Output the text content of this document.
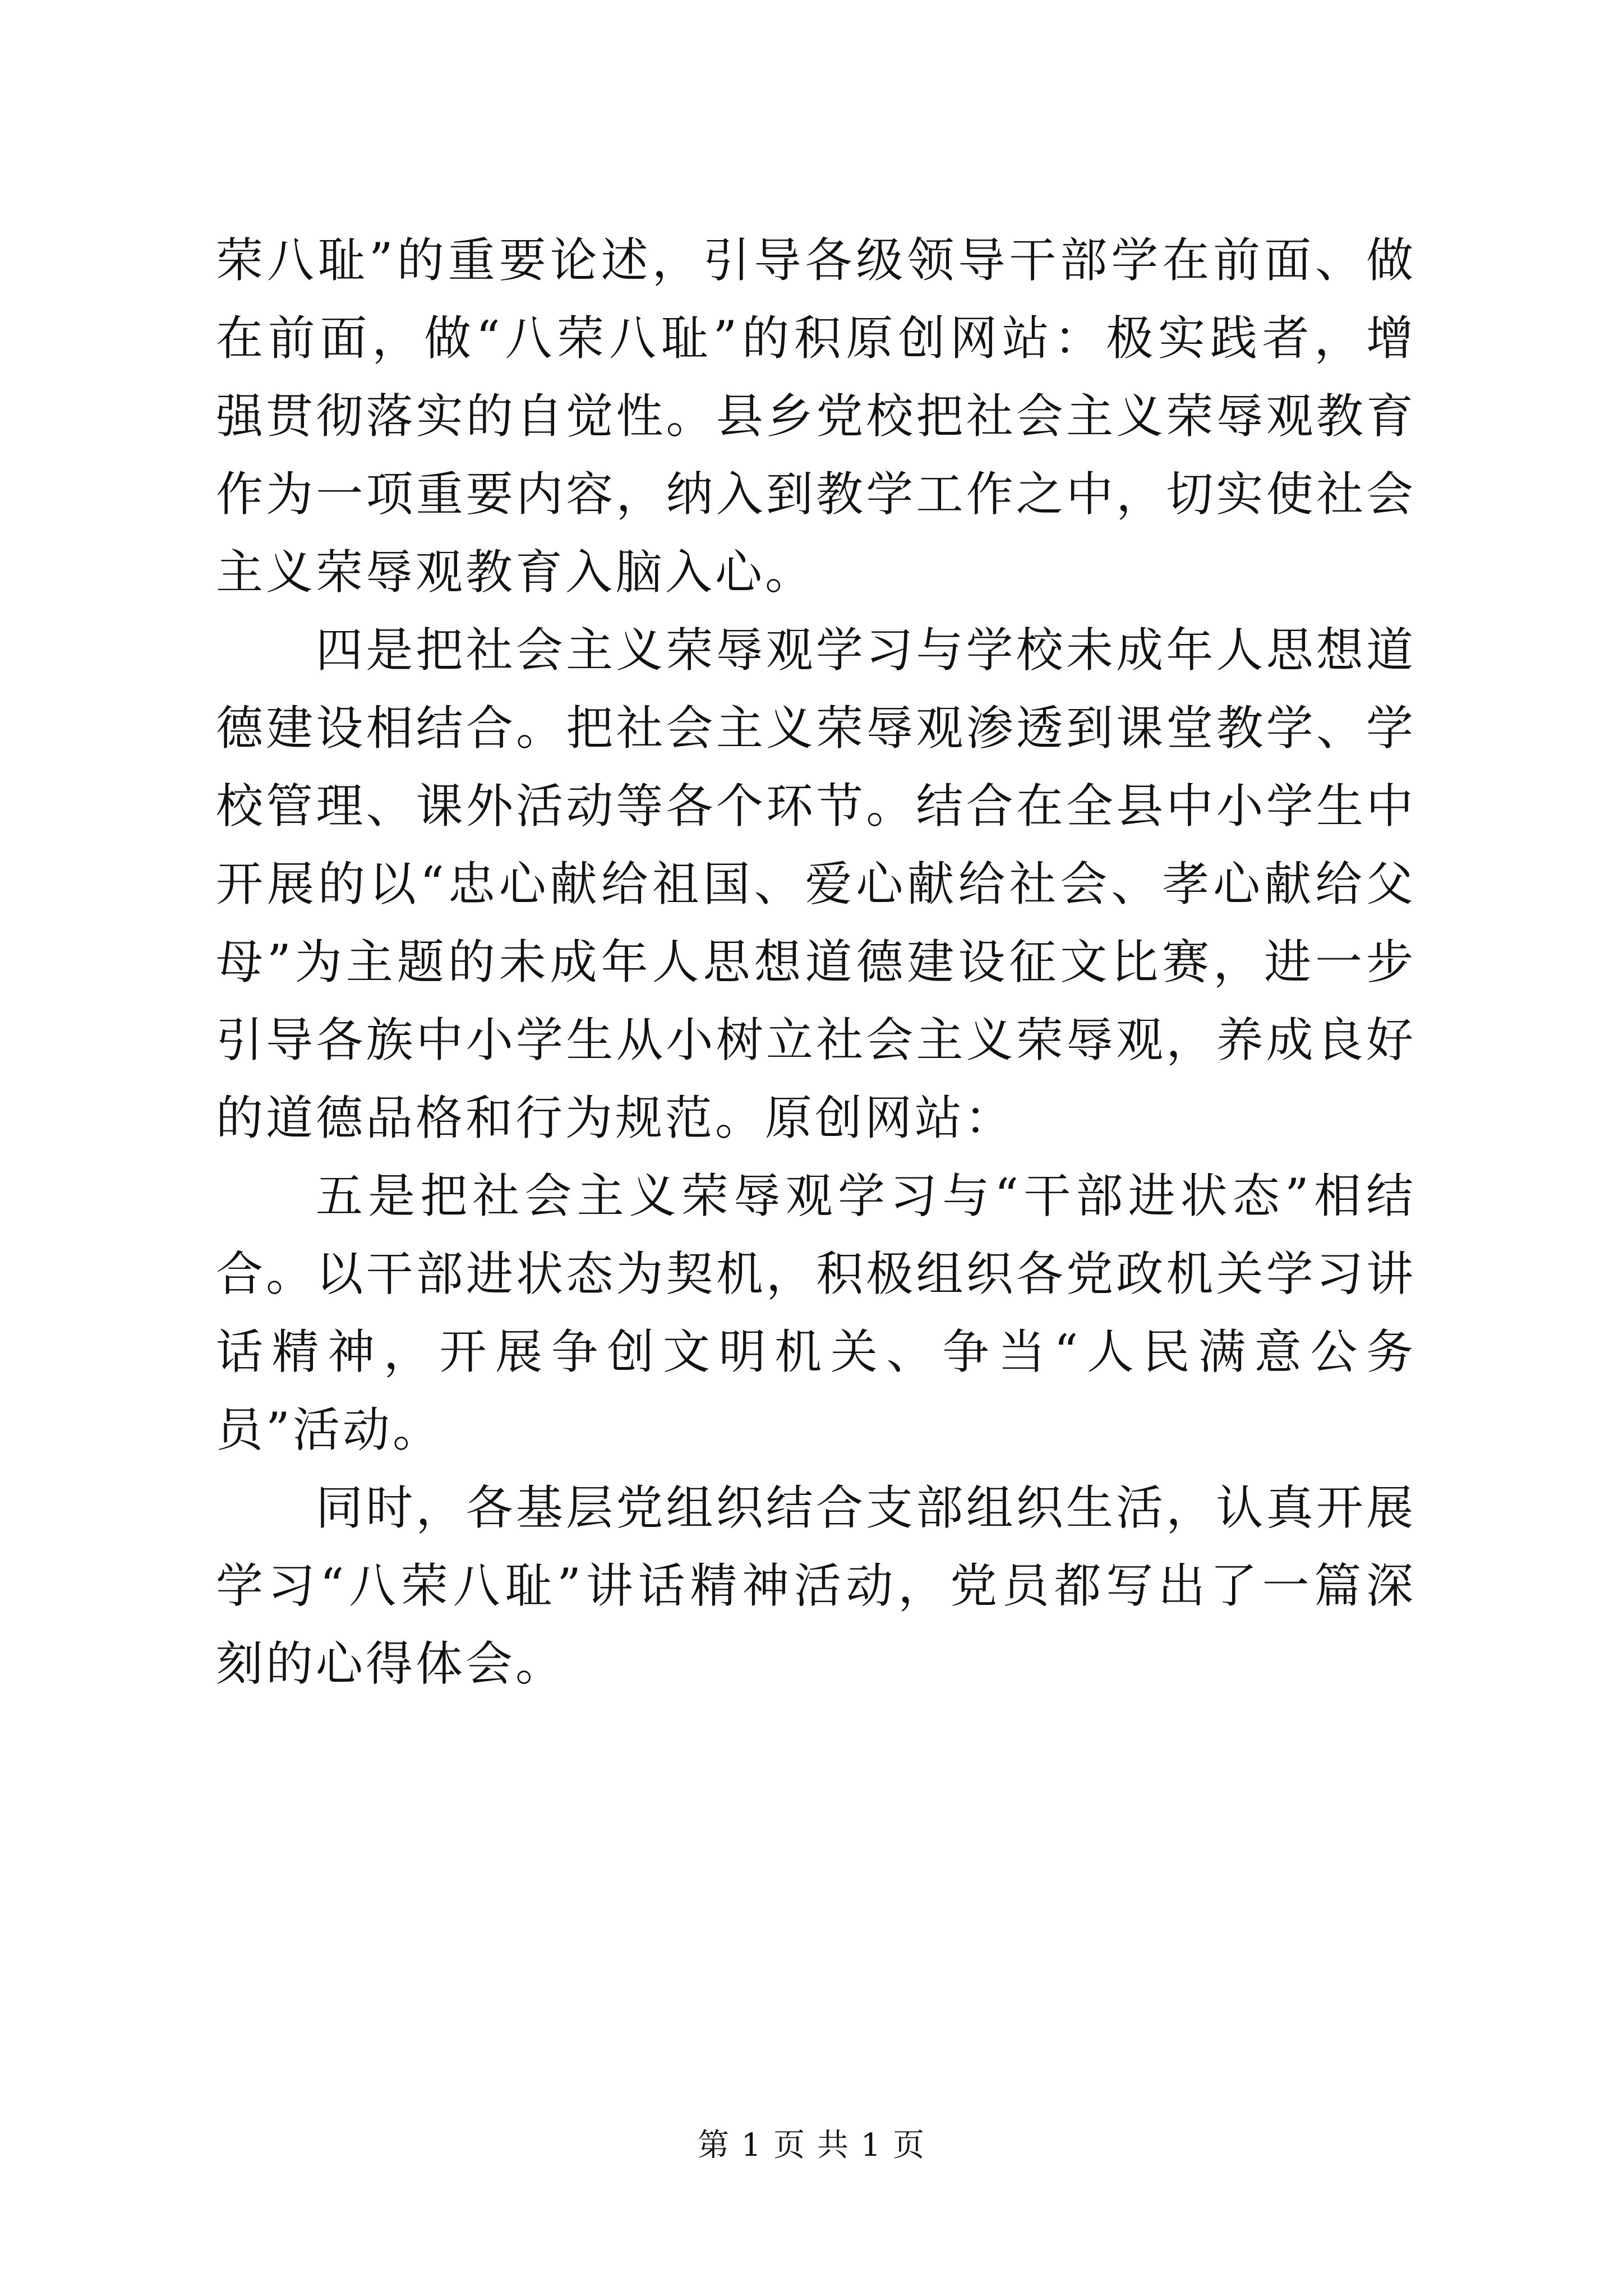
荣八耻”的重要论述，引导各级领导干部学在前面、做在前面，做“八荣八耻”的积原创网站：极实践者，增强贯彻落实的自觉性。县乡党校把社会主义荣辱观教育作为一项重要内容，纳入到教学工作之中，切实使社会主义荣辱观教育入脑入心。

四是把社会主义荣辱观学习与学校未成年人思想道德建设相结合。把社会主义荣辱观渗透到课堂教学、学校管理、课外活动等各个环节。结合在全县中小学生中开展的以“忠心献给祖国、爱心献给社会、孝心献给父母”为主题的未成年人思想道德建设征文比赛，进一步引导各族中小学生从小树立社会主义荣辱观，养成良好的道德品格和行为规范。原创网站：

五是把社会主义荣辱观学习与“干部进状态”相结合。以干部进状态为契机，积极组织各党政机关学习讲话精神，开展争创文明机关、争当“人民满意公务员”活动。

同时，各基层党组织结合支部组织生活，认真开展学习“八荣八耻”讲话精神活动，党员都写出了一篇深刻的心得体会。

第 1 页 共 1 页
